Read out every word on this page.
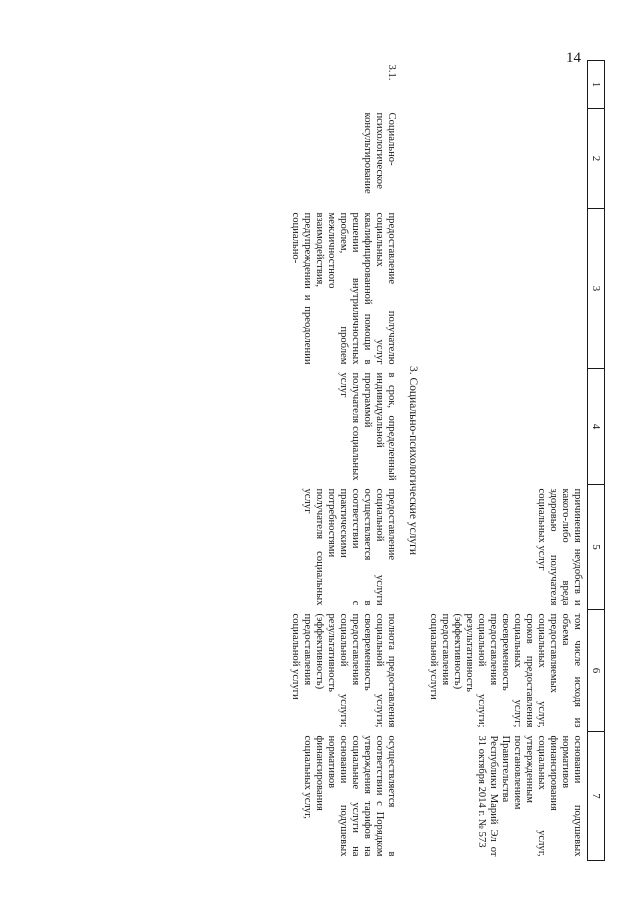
14
1	2	3	4	5	6	7
				причинения неудобств и какого-либо вреда здоровью получателя социальных услуг	том числе исходя из объема предоставляемых социальных услуг, сроков предоставления социальных услуг; своевременность предоставления социальной услуги; результативность (эффективность) предоставления социальной услуги	основании подушевых нормативов финансирования социальных услуг, утвержденным постановлением Правительства Республики Марий Эл от 31 октября 2014 г. № 573
3. Социально-психологические услуги						
3.1.	Социально-психологическое консультирование	предоставление получателю социальных услуг квалифицированной помощи в решении внутриличностных проблем, проблем межличностного взаимодействия, предупреждении и преодолении социально-	в срок, определенный индивидуальной программой получателя социальных услуг	предоставление социальной услуги осуществляется в соответствии с практическими потребностями получателя социальных услуг	полнота предоставления социальной услуги; своевременность предоставления социальной услуги; результативность (эффективность) предоставления социальной услуги	осуществляется в соответствии с Порядком утверждения тарифов на социальные услуги на основании подушевых нормативов финансирования социальных услуг,
